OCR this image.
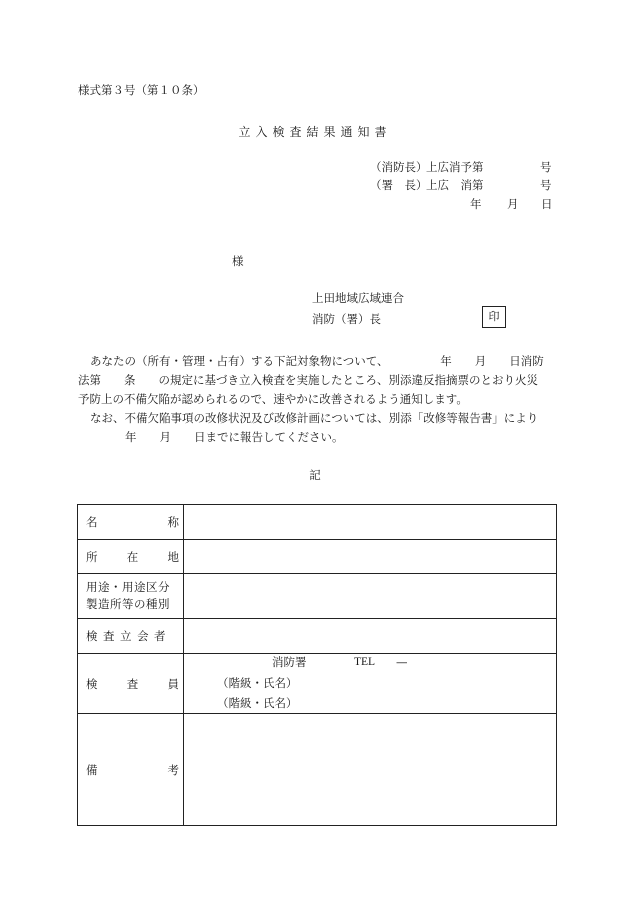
様式第３号（第１０条）
立入検査結果通知書
（消防長）
上広消予第	号
（署　長）
上広　消第	号
年 月 日
様
上田地域広域連合
消防（署）長	印
あなたの（所有・管理・占有）する下記対象物について、　　　　　年　　月　　日消防
法第　　条　　の規定に基づき立入検査を実施したところ、別添違反指摘票のとおり火災
予防上の不備欠陥が認められるので、速やかに改善されるよう通知します。
なお、不備欠陥事項の改修状況及び改修計画については、別添「改修等報告書」により
年　　月　　日までに報告してください。
記
名 称	

所 在 地	

用途・用途区分
製造所等の種別	

検査立会者	

検 査 員	消防署 TEL —
（階級・氏名）
（階級・氏名）

備 考	
